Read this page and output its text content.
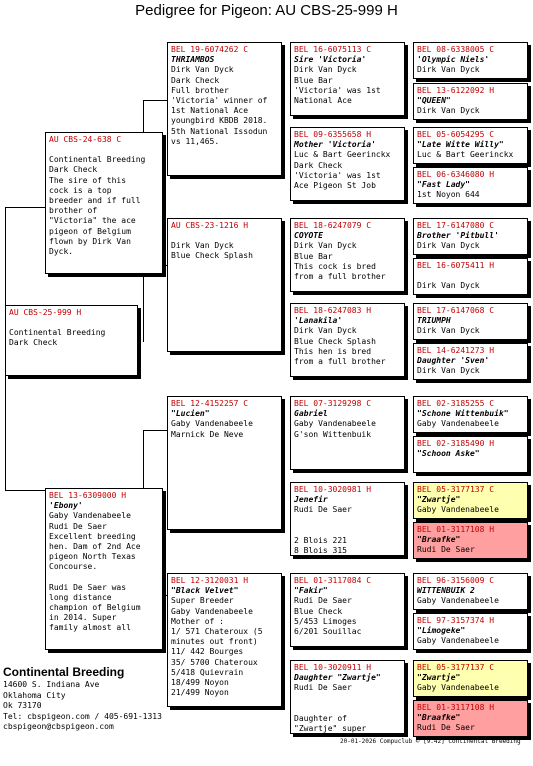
Pedigree for Pigeon: AU CBS-25-999 H
AU CBS-25-999 H
Continental Breeding
Dark Check
AU CBS-24-638 C
Continental Breeding
Dark Check
The sire of this
cock is a top
breeder and if full
brother of
"Victoria" the ace
pigeon of Belgium
flown by Dirk Van
Dyck.
BEL 13-6309000 H
'Ebony'
Gaby Vandenabeele
Rudi De Saer
Excellent breeding
hen. Dam of 2nd Ace
pigeon North Texas
Concourse.
Rudi De Saer was
long distance
champion of Belgium
in 2014. Super
family almost all
BEL 19-6074262 C
THRIAMBOS
Dirk Van Dyck
Dark Check
Full brother
'Victoria' winner of
1st National Ace
youngbird KBDB 2018.
5th National Issodun
vs 11,465.
AU CBS-23-1216 H
Dirk Van Dyck
Blue Check Splash
BEL 12-4152257 C
"Lucien"
Gaby Vandenabeele
Marnick De Neve
BEL 12-3120031 H
"Black Velvet"
Super Breeder
Gaby Vandenabeele
Mother of :
1/ 571 Chateroux (5
minutes out front)
11/ 442 Bourges
35/ 5700 Chateroux
5/418 Quievrain
18/499 Noyon
21/499 Noyon
BEL 16-6075113 C
Sire 'Victoria'
Dirk Van Dyck
Blue Bar
'Victoria' was 1st
National Ace
BEL 09-6355658 H
Mother 'Victoria'
Luc & Bart Geerinckx
Dark Check
'Victoria' was 1st
Ace Pigeon St Job
BEL 18-6247079 C
COYOTE
Dirk Van Dyck
Blue Bar
This cock is bred
from a full brother
BEL 18-6247083 H
'Lanakila'
Dirk Van Dyck
Blue Check Splash
This hen is bred
from a full brother
BEL 07-3129298 C
Gabriel
Gaby Vandenabeele
G'son Wittenbuik
BEL 10-3020981 H
Jenefir
Rudi De Saer
2 Blois 221
8 Blois 315
BEL 01-3117084 C
"Fakir"
Rudi De Saer
Blue Check
5/453 Limoges
6/201 Souillac
BEL 10-3020911 H
Daughter "Zwartje"
Rudi De Saer
Daughter of
"Zwartje" super
BEL 08-6338005 C
'Olympic Niels'
Dirk Van Dyck
BEL 13-6122092 H
"QUEEN"
Dirk Van Dyck
BEL 05-6054295 C
"Late Witte Willy"
Luc & Bart Geerinckx
BEL 06-6346080 H
"Fast Lady"
1st Noyon 644
BEL 17-6147080 C
Brother 'Pitbull'
Dirk Van Dyck
BEL 16-6075411 H
Dirk Van Dyck
BEL 17-6147068 C
TRIUMPH
Dirk Van Dyck
BEL 14-6241273 H
Daughter 'Sven'
Dirk Van Dyck
BEL 02-3185255 C
"Schone Wittenbuik"
Gaby Vandenabeele
BEL 02-3185490 H
"Schoon Aske"
BEL 05-3177137 C
"Zwartje"
Gaby Vandenabeele
BEL 01-3117108 H
"Braafke"
Rudi De Saer
BEL 96-3156009 C
WITTENBUIK 2
Gaby Vandenabeele
BEL 97-3157374 H
"Limogeke"
Gaby Vandenabeele
BEL 05-3177137 C
"Zwartje"
Gaby Vandenabeele
BEL 01-3117108 H
"Braafke"
Rudi De Saer
Continental Breeding
14600 S. Indiana Ave
Oklahoma City
Ok 73170
Tel: cbspigeon.com / 405-691-1313
cbspigeon@cbspigeon.com
20-01-2026 Compuclub © [9.42] Continental Breeding
